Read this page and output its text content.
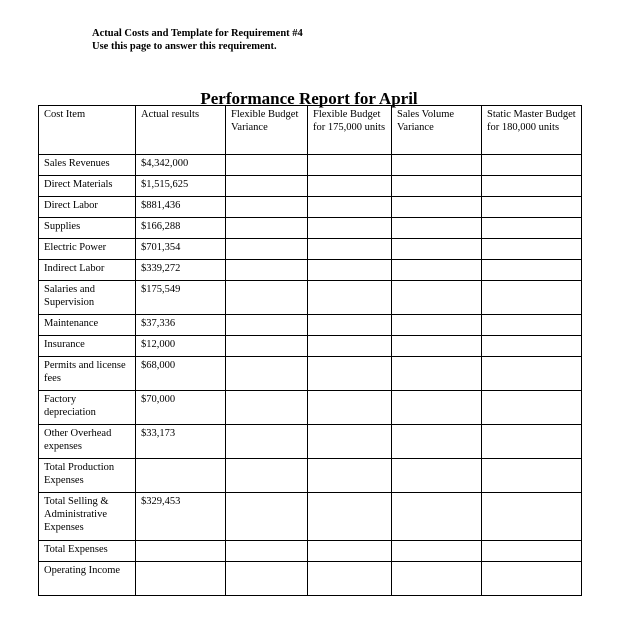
Actual Costs and Template for Requirement #4
Use this page to answer this requirement.
Performance Report for April
Cost Item	Actual results	Flexible Budget Variance	Flexible Budget for 175,000 units	Sales Volume Variance	Static Master Budget for 180,000 units
Sales Revenues	$4,342,000				
Direct Materials	$1,515,625				
Direct Labor	$881,436				
Supplies	$166,288				
Electric Power	$701,354				
Indirect Labor	$339,272				
Salaries and Supervision	$175,549				
Maintenance	$37,336				
Insurance	$12,000				
Permits and license fees	$68,000				
Factory depreciation	$70,000				
Other Overhead expenses	$33,173				
Total Production Expenses					
Total Selling & Administrative Expenses	$329,453				
Total Expenses					
Operating Income					
